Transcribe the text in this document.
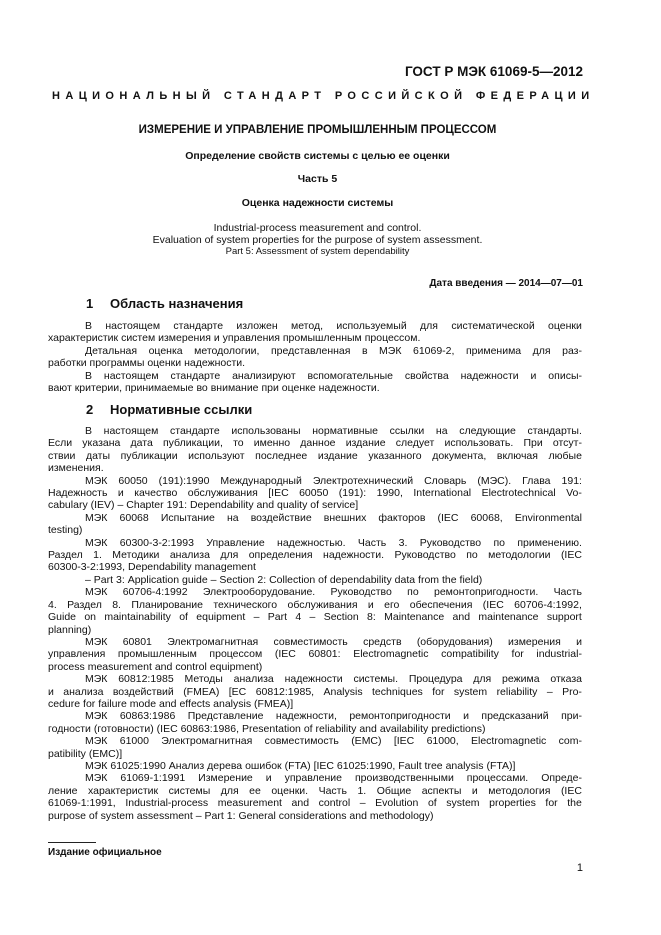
ГОСТ Р МЭК 61069-5—2012
НАЦИОНАЛЬНЫЙ СТАНДАРТ РОССИЙСКОЙ ФЕДЕРАЦИИ
ИЗМЕРЕНИЕ И УПРАВЛЕНИЕ ПРОМЫШЛЕННЫМ ПРОЦЕССОМ
Определение свойств системы с целью ее оценки
Часть 5
Оценка надежности системы
Industrial-process measurement and control.
Evaluation of system properties for the purpose of system assessment.
Part 5: Assessment of system dependability
Дата введения — 2014—07—01
1 Область назначения
В настоящем стандарте изложен метод, используемый для систематической оценки
характеристик систем измерения и управления промышленным процессом.
Детальная оценка методологии, представленная в МЭК 61069-2, применима для раз-
работки программы оценки надежности.
В настоящем стандарте анализируют вспомогательные свойства надежности и описы-
вают критерии, принимаемые во внимание при оценке надежности.
2 Нормативные ссылки
В настоящем стандарте использованы нормативные ссылки на следующие стандарты.
Если указана дата публикации, то именно данное издание следует использовать. При отсут-
ствии даты публикации используют последнее издание указанного документа, включая любые
изменения.
МЭК 60050 (191):1990 Международный Электротехнический Словарь (МЭС). Глава 191:
Надежность и качество обслуживания [IEC 60050 (191): 1990, International Electrotechnical Vo-
cabulary (IEV) – Chapter 191: Dependability and quality of service]
МЭК 60068 Испытание на воздействие внешних факторов (IEC 60068, Environmental
testing)
МЭК 60300-3-2:1993 Управление надежностью. Часть 3. Руководство по применению.
Раздел 1. Методики анализа для определения надежности. Руководство по методологии (IEC
60300-3-2:1993, Dependability management
– Part 3: Application guide – Section 2: Collection of dependability data from the field)
МЭК 60706-4:1992 Электрооборудование. Руководство по ремонтопригодности. Часть
4. Раздел 8. Планирование технического обслуживания и его обеспечения (IEC 60706-4:1992,
Guide on maintainability of equipment – Part 4 – Section 8: Maintenance and maintenance support
planning)
МЭК 60801 Электромагнитная совместимость средств (оборудования) измерения и
управления промышленным процессом (IEC 60801: Electromagnetic compatibility for industrial-
process measurement and control equipment)
МЭК 60812:1985 Методы анализа надежности системы. Процедура для режима отказа
и анализа воздействий (FMEA) [EC 60812:1985, Analysis techniques for system reliability – Pro-
cedure for failure mode and effects analysis (FMEA)]
МЭК 60863:1986 Представление надежности, ремонтопригодности и предсказаний при-
годности (готовности) (IEC 60863:1986, Presentation of reliability and availability predictions)
МЭК 61000 Электромагнитная совместимость (EMC) [IEC 61000, Electromagnetic com-
patibility (EMC)]
МЭК 61025:1990 Анализ дерева ошибок (FTA) [IEC 61025:1990, Fault tree analysis (FTA)]
МЭК 61069-1:1991 Измерение и управление производственными процессами. Опреде-
ление характеристик системы для ее оценки. Часть 1. Общие аспекты и методология (IEC
61069-1:1991, Industrial-process measurement and control – Evolution of system properties for the
purpose of system assessment – Part 1: General considerations and methodology)
Издание официальное
1
